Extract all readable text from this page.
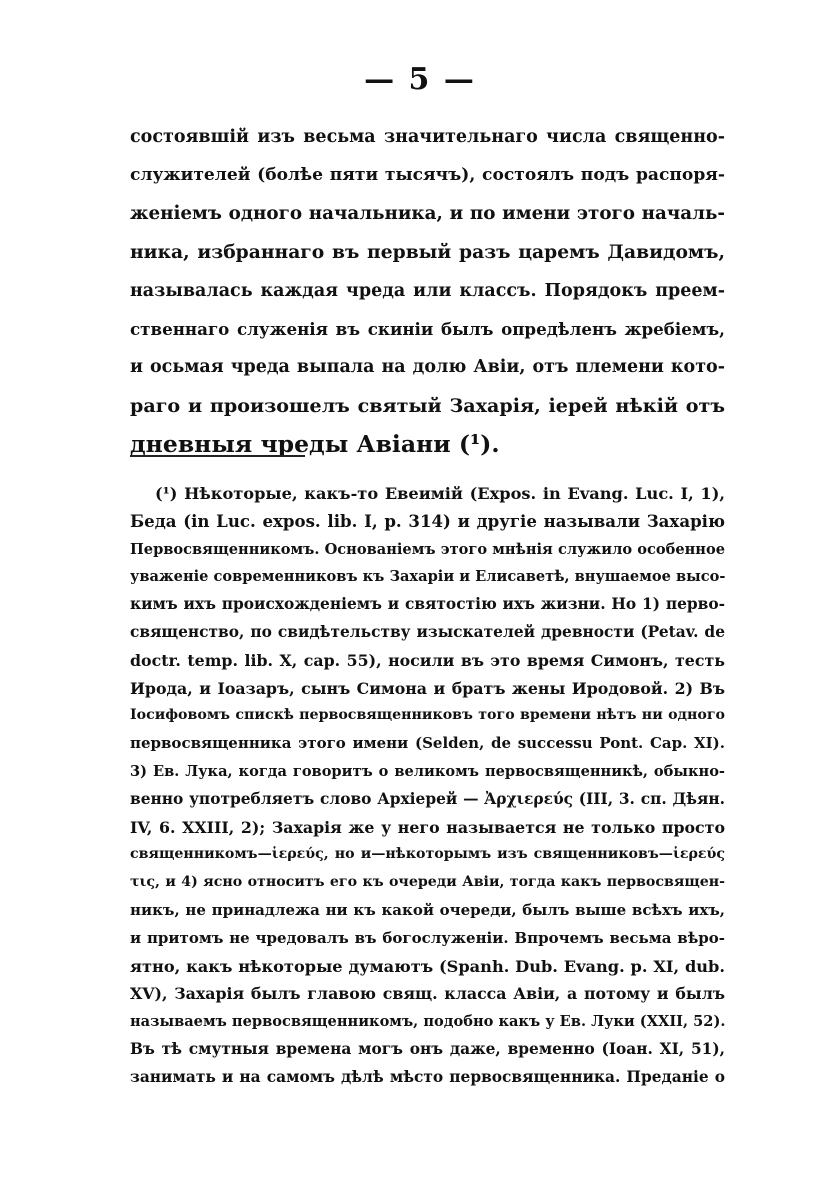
— 5 —
состоявшій изъ весьма значительнаго числа священно-
служителей (болѣе пяти тысячъ), состоялъ подъ распоря-
женіемъ одного начальника, и по имени этого началь-
ника, избраннаго въ первый разъ царемъ Давидомъ,
называлась каждая чреда или классъ. Порядокъ преем-
ственнаго служенія въ скиніи былъ опредѣленъ жребіемъ,
и осьмая чреда выпала на долю Авіи, отъ племени кото-
раго и произошелъ святый Захарія, іерей нѣкій отъ
дневныя чреды Авіани (¹).
(¹) Нѣкоторые, какъ-то Евеимій (Expos. in Evang. Luc. I, 1),
Беда (in Luc. expos. lib. I, p. 314) и другіе называли Захарію
Первосвященникомъ. Основаніемъ этого мнѣнія служило особенное
уваженіе современниковъ къ Захаріи и Елисаветѣ, внушаемое высо-
кимъ ихъ происхожденіемъ и святостію ихъ жизни. Но 1) перво-
священство, по свидѣтельству изыскателей древности (Petav. de
doctr. temp. lib. X, cap. 55), носили въ это время Симонъ, тесть
Ирода, и Іоазаръ, сынъ Симона и братъ жены Иродовой. 2) Въ
Іосифовомъ спискѣ первосвященниковъ того времени нѣтъ ни одного
первосвященника этого имени (Selden, de successu Pont. Cap. XI).
3) Ев. Лука, когда говоритъ о великомъ первосвященникѣ, обыкно-
венно употребляетъ слово Архіерей — Ἀρχιερεύς (III, 3. сп. Дѣян.
IV, 6. XXIII, 2); Захарія же у него называется не только просто
священникомъ—ἱερεύς, но и—нѣкоторымъ изъ священниковъ—ἱερεύς
τις, и 4) ясно относитъ его къ очереди Авіи, тогда какъ первосвящен-
никъ, не принадлежа ни къ какой очереди, былъ выше всѣхъ ихъ,
и притомъ не чредовалъ въ богослуженіи. Впрочемъ весьма вѣро-
ятно, какъ нѣкоторые думаютъ (Spanh. Dub. Evang. p. XI, dub.
XV), Захарія былъ главою свящ. класса Авіи, а потому и былъ
называемъ первосвященникомъ, подобно какъ у Ев. Луки (XXII, 52).
Въ тѣ смутныя времена могъ онъ даже, временно (Іоан. XI, 51),
занимать и на самомъ дѣлѣ мѣсто первосвященника. Преданіе о
